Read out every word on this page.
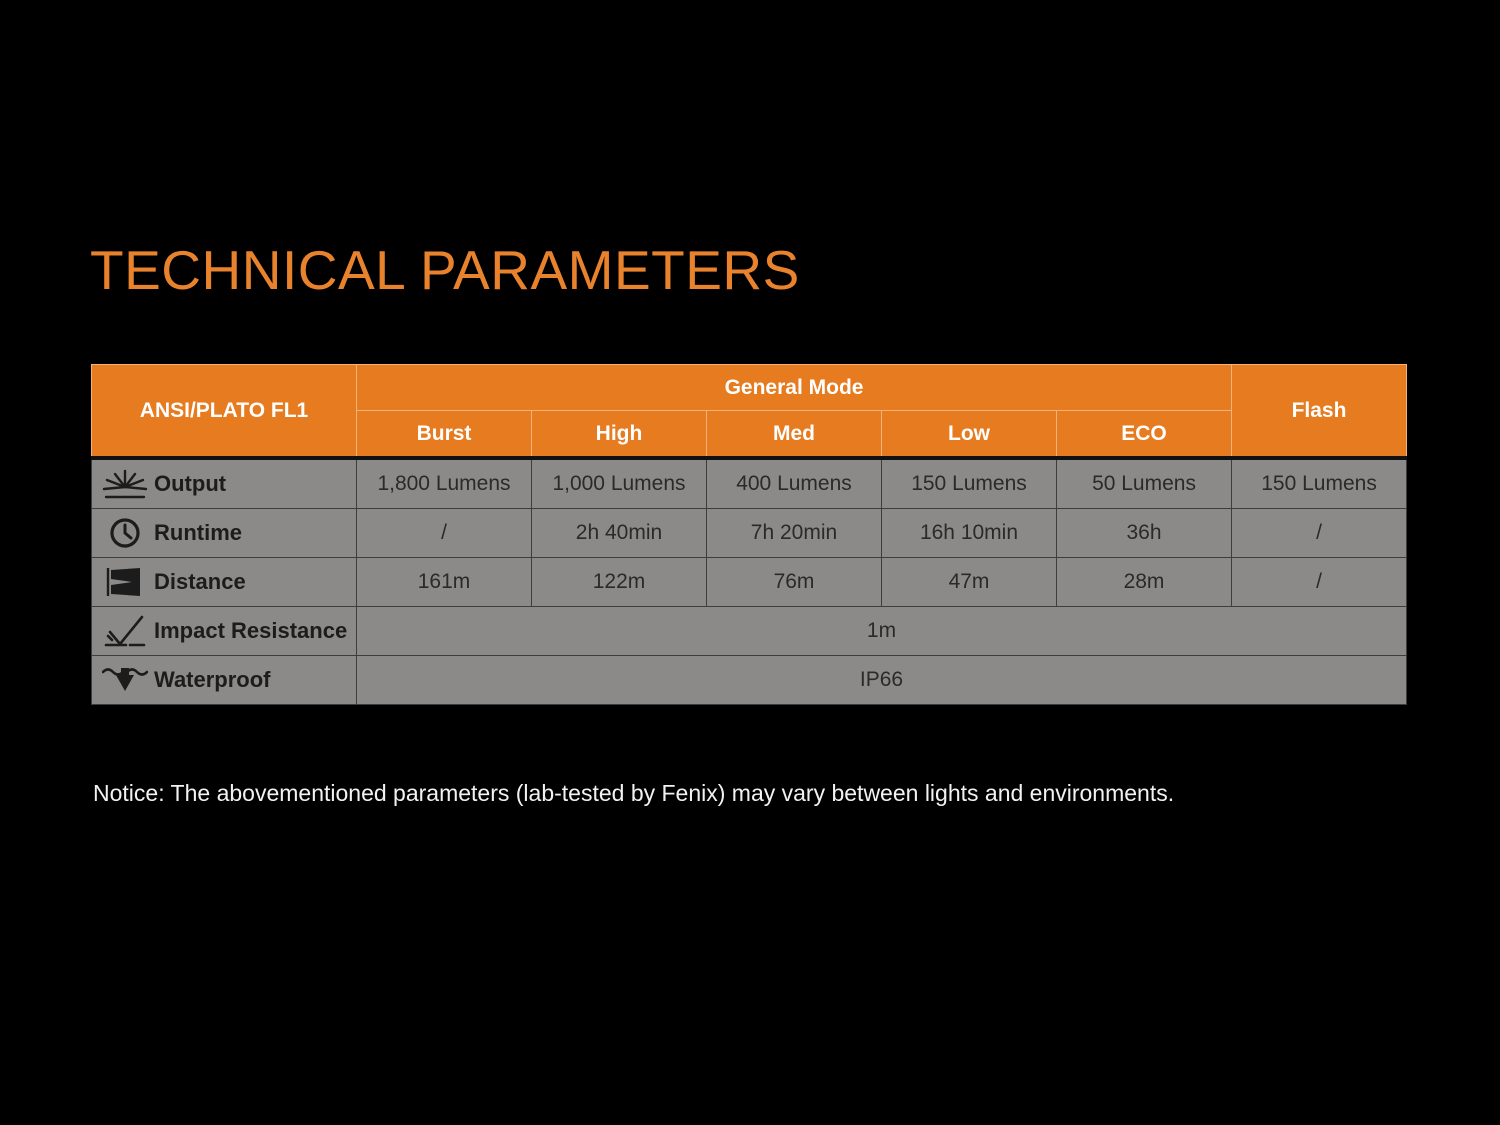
TECHNICAL PARAMETERS
ANSI/PLATO FL1	General Mode					Flash
	Burst	High	Med	Low	ECO	

Output	1,800 Lumens	1,000 Lumens	400 Lumens	150 Lumens	50 Lumens	150 Lumens

Runtime	/	2h 40min	7h 20min	16h 10min	36h	/

Distance	161m	122m	76m	47m	28m	/

Impact Resistance	1m					

Waterproof	IP66					

Notice: The abovementioned parameters (lab-tested by Fenix) may vary between lights and environments.
